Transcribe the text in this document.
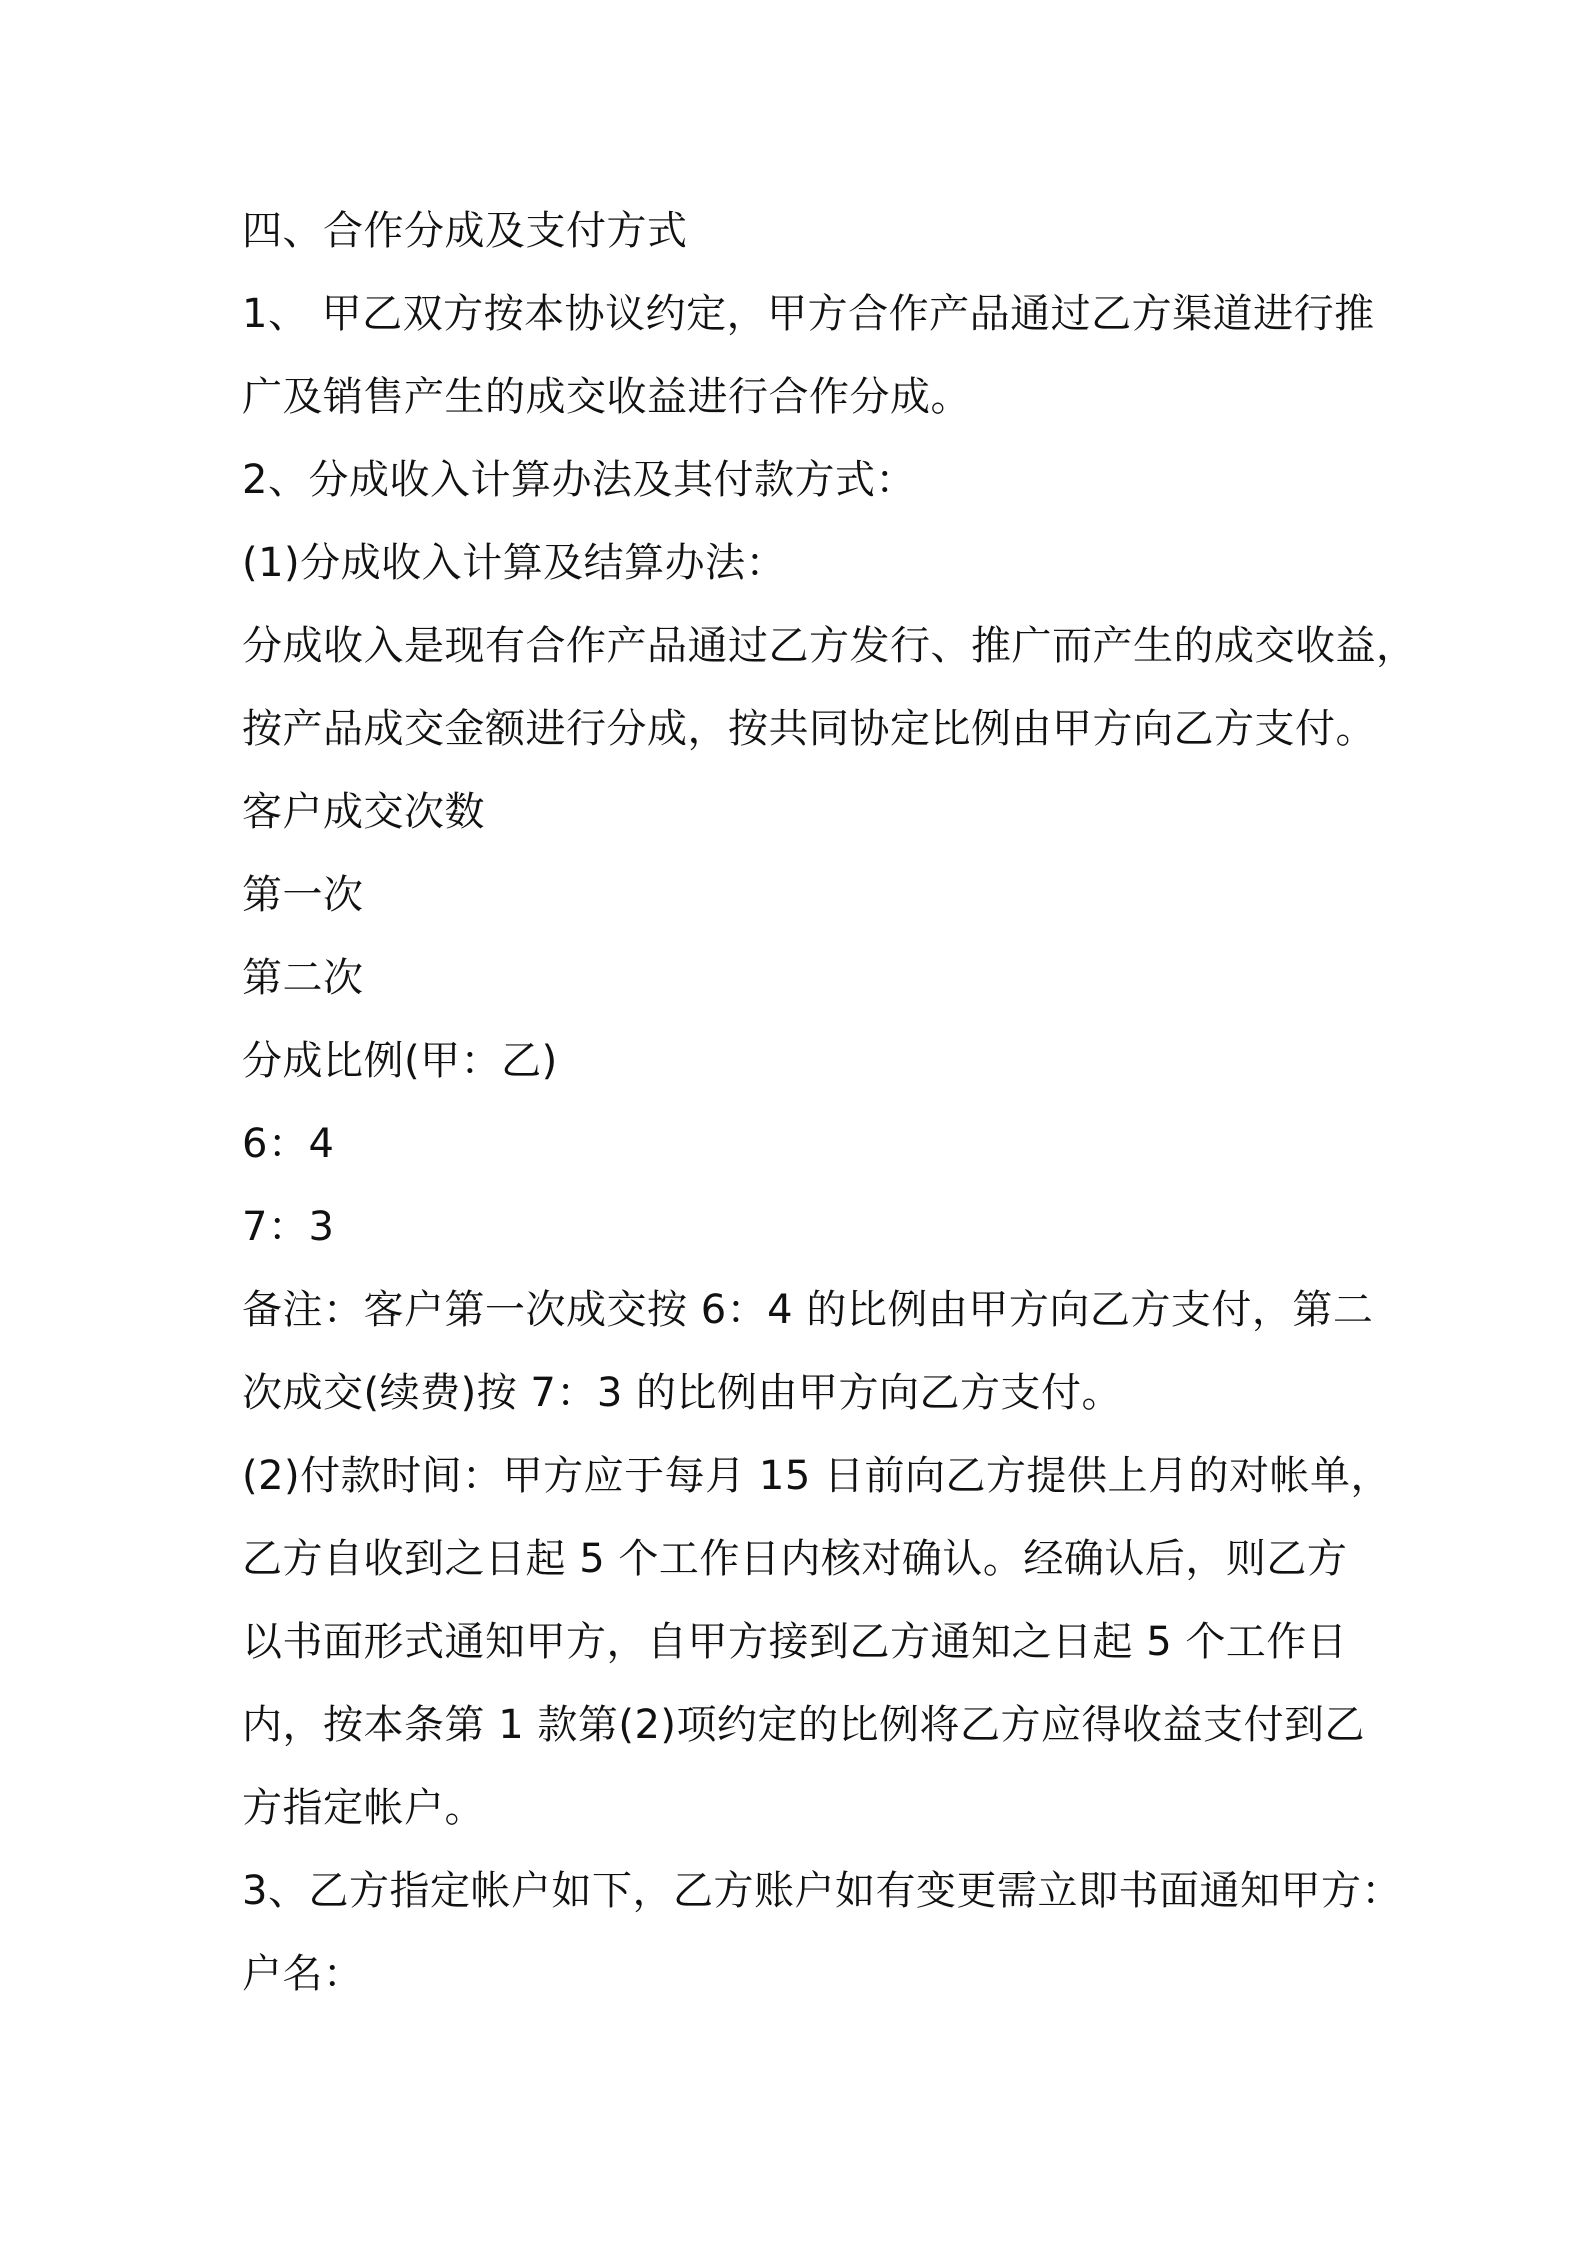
四、合作分成及支付方式
1、 甲乙双方按本协议约定，甲方合作产品通过乙方渠道进行推
广及销售产生的成交收益进行合作分成。
2、分成收入计算办法及其付款方式：
(1)分成收入计算及结算办法：
分成收入是现有合作产品通过乙方发行、推广而产生的成交收益，
按产品成交金额进行分成，按共同协定比例由甲方向乙方支付。
客户成交次数
第一次
第二次
分成比例(甲：乙)
6：4
7：3
备注：客户第一次成交按 6：4 的比例由甲方向乙方支付，第二
次成交(续费)按 7：3 的比例由甲方向乙方支付。
(2)付款时间：甲方应于每月 15 日前向乙方提供上月的对帐单，
乙方自收到之日起 5 个工作日内核对确认。经确认后，则乙方
以书面形式通知甲方，自甲方接到乙方通知之日起 5 个工作日
内，按本条第 1 款第(2)项约定的比例将乙方应得收益支付到乙
方指定帐户。
3、乙方指定帐户如下，乙方账户如有变更需立即书面通知甲方：
户名：
